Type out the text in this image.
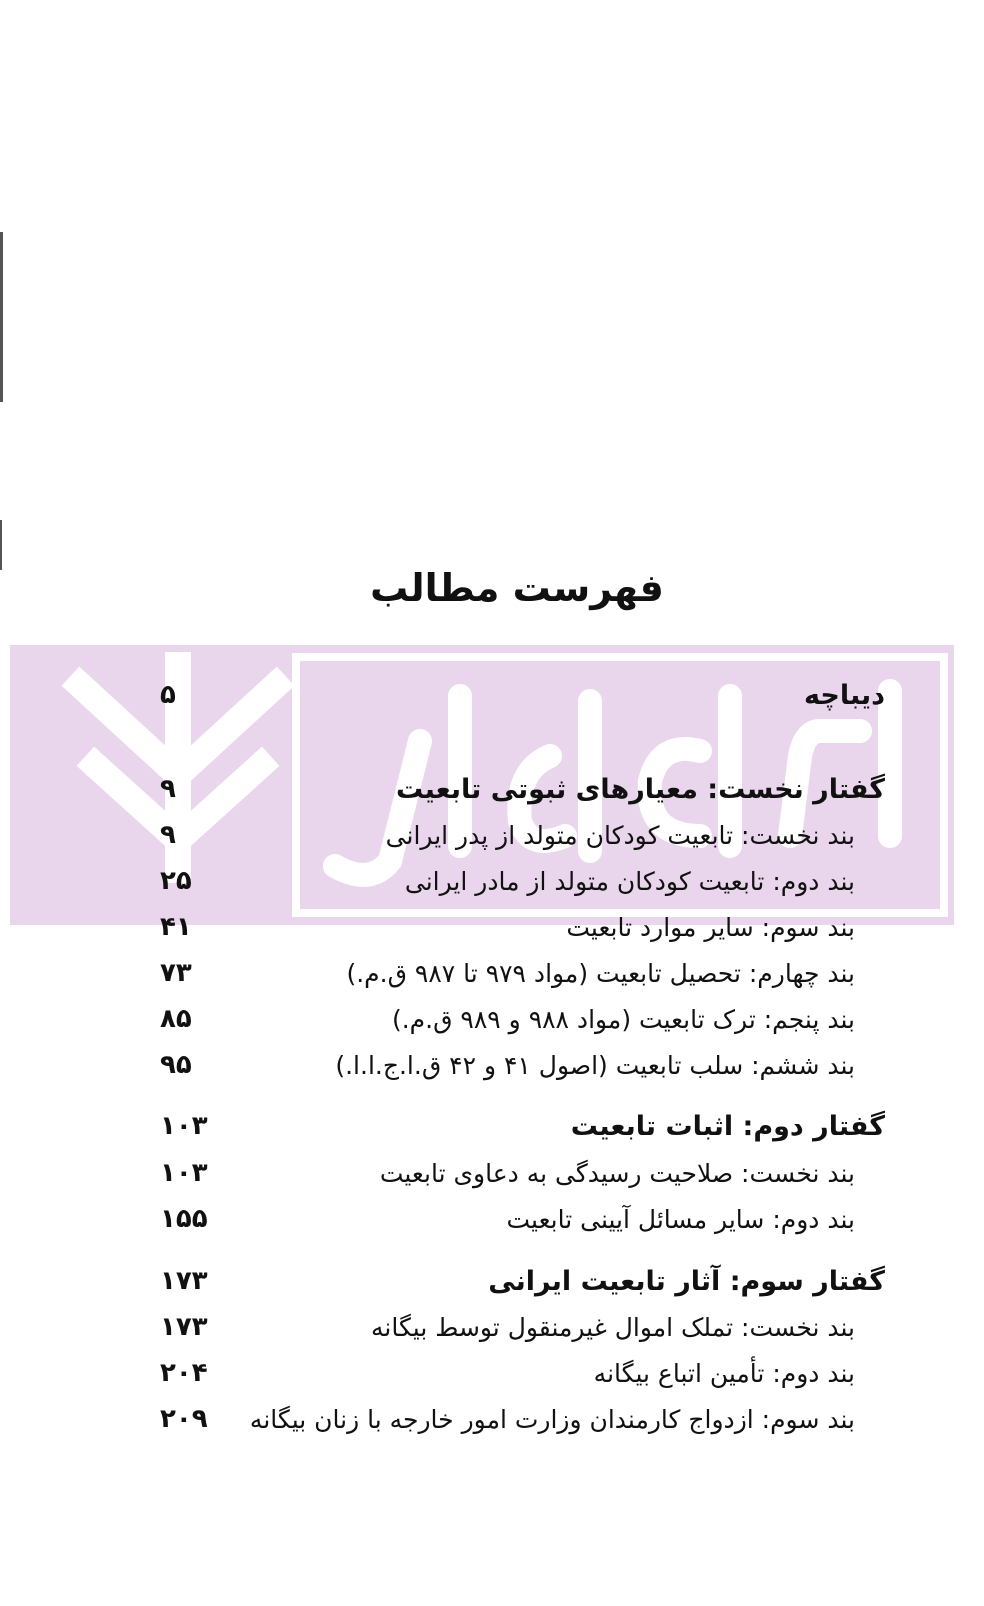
فهرست مطالب
دیباچه
۵
گفتار نخست: معیارهای ثبوتی تابعیت
۹
بند نخست: تابعیت کودکان متولد از پدر ایرانی
۹
بند دوم: تابعیت کودکان متولد از مادر ایرانی
۲۵
بند سوم: سایر موارد تابعیت
۴۱
بند چهارم: تحصیل تابعیت (مواد ۹۷۹ تا ۹۸۷ ق.م.)
۷۳
بند پنجم: ترک تابعیت (مواد ۹۸۸ و ۹۸۹ ق.م.)
۸۵
بند ششم: سلب تابعیت (اصول ۴۱ و ۴۲ ق.ا.ج.ا.ا.)
۹۵
گفتار دوم: اثبات تابعیت
۱۰۳
بند نخست: صلاحیت رسیدگی به دعاوی تابعیت
۱۰۳
بند دوم: سایر مسائل آیینی تابعیت
۱۵۵
گفتار سوم: آثار تابعیت ایرانی
۱۷۳
بند نخست: تملک اموال غیرمنقول توسط بیگانه
۱۷۳
بند دوم: تأمین اتباع بیگانه
۲۰۴
بند سوم: ازدواج کارمندان وزارت امور خارجه با زنان بیگانه
۲۰۹
